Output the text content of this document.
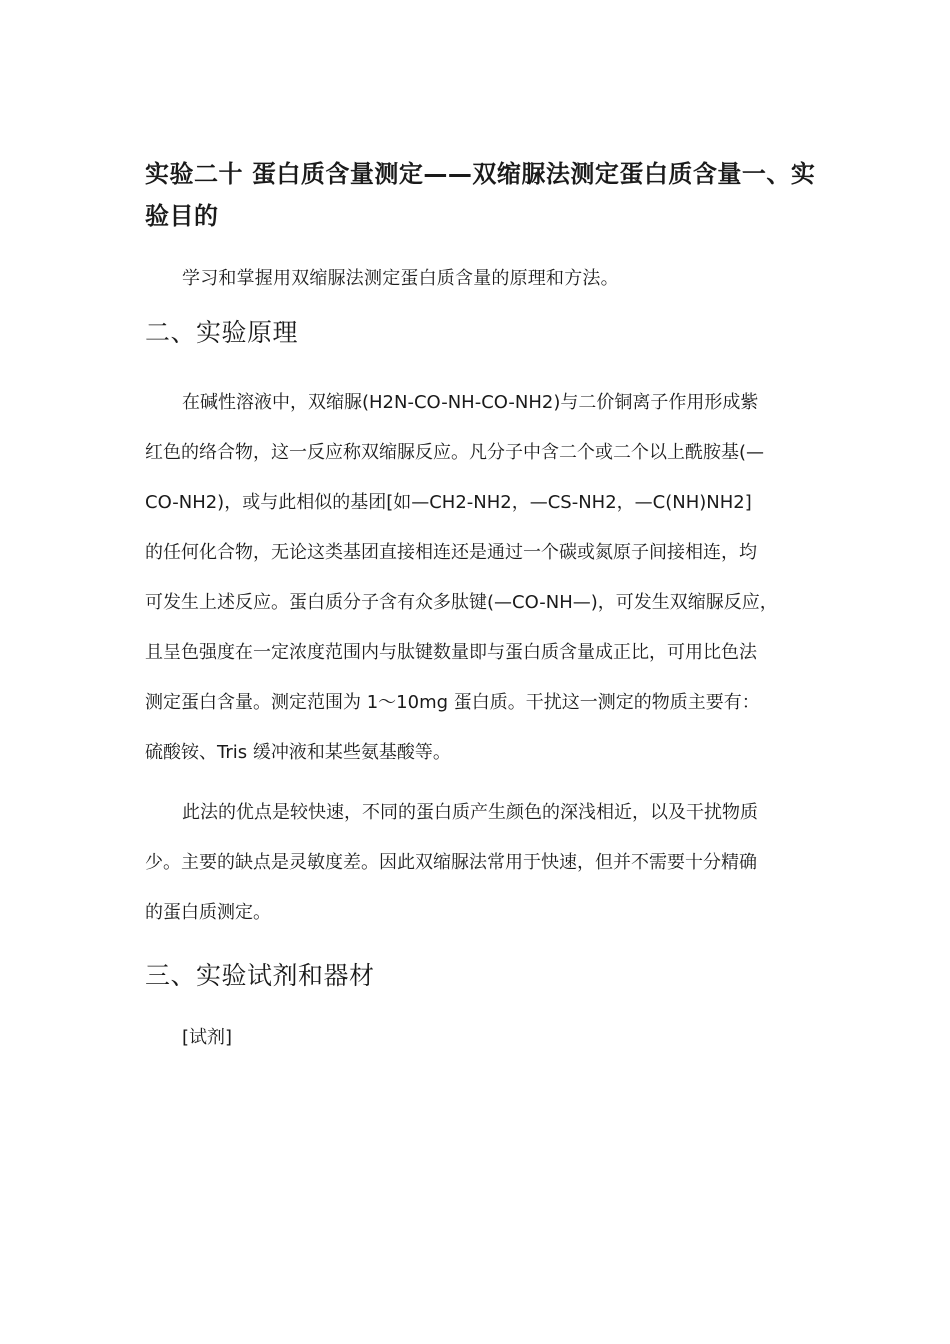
实验二十 蛋白质含量测定——双缩脲法测定蛋白质含量一、实验目的

学习和掌握用双缩脲法测定蛋白质含量的原理和方法。

二、实验原理
在碱性溶液中，双缩脲(H2N-CO-NH-CO-NH2)与二价铜离子作用形成紫
红色的络合物，这一反应称双缩脲反应。凡分子中含二个或二个以上酰胺基(—
CO-NH2)，或与此相似的基团[如—CH2-NH2，—CS-NH2，—C(NH)NH2]
的任何化合物，无论这类基团直接相连还是通过一个碳或氮原子间接相连，均
可发生上述反应。蛋白质分子含有众多肽键(—CO-NH—)，可发生双缩脲反应，
且呈色强度在一定浓度范围内与肽键数量即与蛋白质含量成正比，可用比色法
测定蛋白含量。测定范围为 1～10mg 蛋白质。干扰这一测定的物质主要有：
硫酸铵、Tris 缓冲液和某些氨基酸等。
此法的优点是较快速，不同的蛋白质产生颜色的深浅相近，以及干扰物质
少。主要的缺点是灵敏度差。因此双缩脲法常用于快速，但并不需要十分精确
的蛋白质测定。
三、实验试剂和器材

[试剂]
